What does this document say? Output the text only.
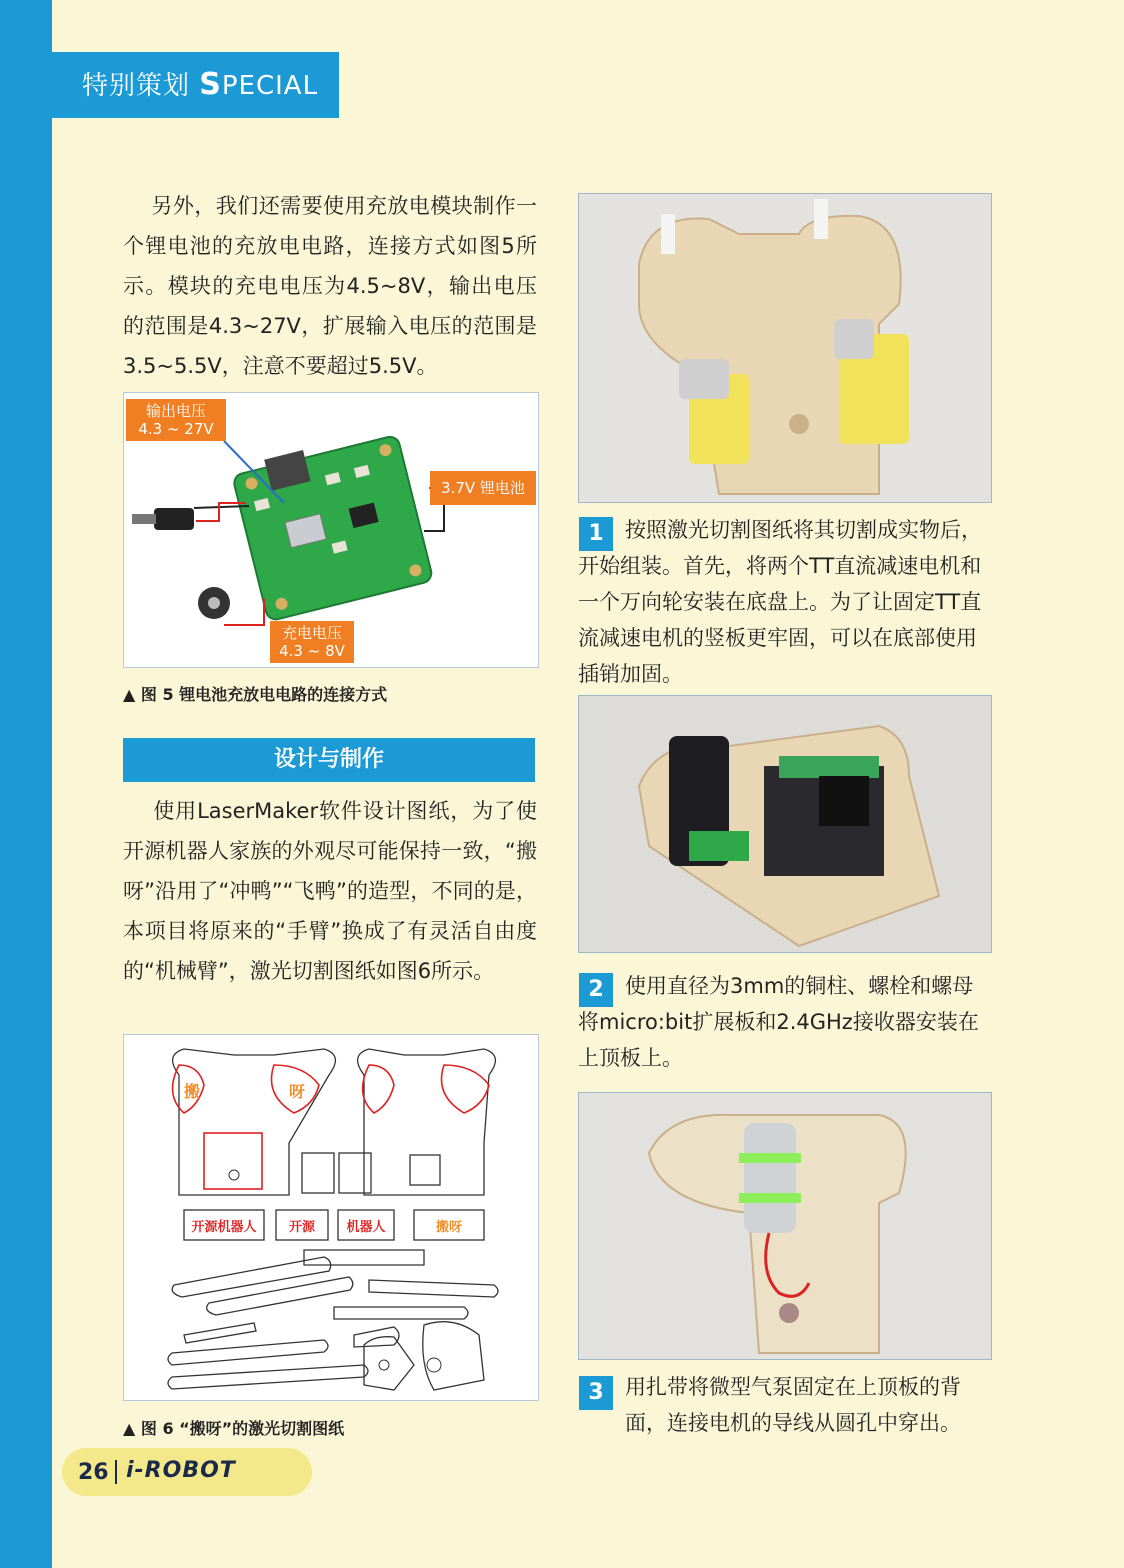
特别策划 SPECIAL
另外，我们还需要使用充放电模块制作一个锂电池的充放电电路，连接方式如图5所示。模块的充电电压为4.5~8V，输出电压的范围是4.3~27V，扩展输入电压的范围是3.5~5.5V，注意不要超过5.5V。
输出电压
4.3 ~ 27V
3.7V 锂电池
充电电压
4.3 ~ 8V
▲ 图 5 锂电池充放电电路的连接方式
设计与制作
使用LaserMaker软件设计图纸，为了使开源机器人家族的外观尽可能保持一致，“搬呀”沿用了“冲鸭”“飞鸭”的造型，不同的是，本项目将原来的“手臂”换成了有灵活自由度的“机械臂”，激光切割图纸如图6所示。
搬	呀
开源机器人	开源	机器人	搬呀
▲ 图 6 “搬呀”的激光切割图纸
1	按照激光切割图纸将其切割成实物后，开始组装。首先，将两个TT直流减速电机和一个万向轮安装在底盘上。为了让固定TT直流减速电机的竖板更牢固，可以在底部使用插销加固。
2	使用直径为3mm的铜柱、螺栓和螺母将micro:bit扩展板和2.4GHz接收器安装在上顶板上。
3	用扎带将微型气泵固定在上顶板的背面，连接电机的导线从圆孔中穿出。
26 i-ROBOT
